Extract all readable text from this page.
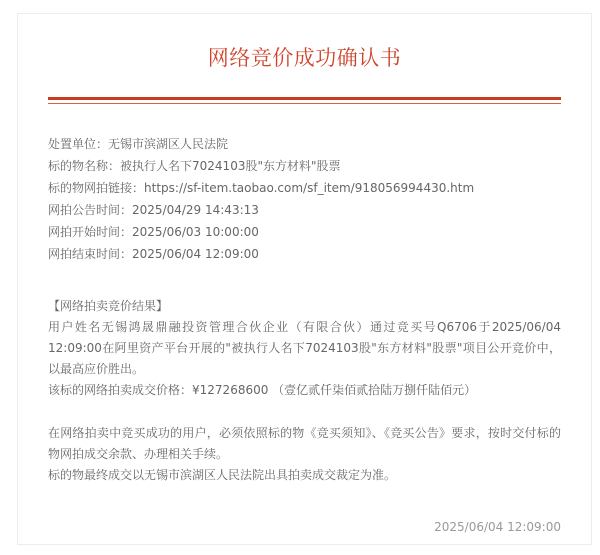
网络竞价成功确认书
处置单位：无锡市滨湖区人民法院
标的物名称：被执行人名下7024103股"东方材料"股票
标的物网拍链接：https://sf-item.taobao.com/sf_item/918056994430.htm
网拍公告时间：2025/04/29 14:43:13
网拍开始时间：2025/06/03 10:00:00
网拍结束时间：2025/06/04 12:09:00
【网络拍卖竞价结果】

用户姓名无锡鸿晟鼎融投资管理合伙企业（有限合伙）通过竞买号Q6706于2025/06/04 12:09:00在阿里资产平台开展的"被执行人名下7024103股"东方材料"股票"项目公开竞价中，以最高应价胜出。

该标的网络拍卖成交价格：¥127268600 （壹亿贰仟柒佰贰拾陆万捌仟陆佰元）

在网络拍卖中竞买成功的用户，必须依照标的物《竞买须知》、《竞买公告》要求，按时交付标的物网拍成交余款、办理相关手续。

标的物最终成交以无锡市滨湖区人民法院出具拍卖成交裁定为准。

2025/06/04 12:09:00
